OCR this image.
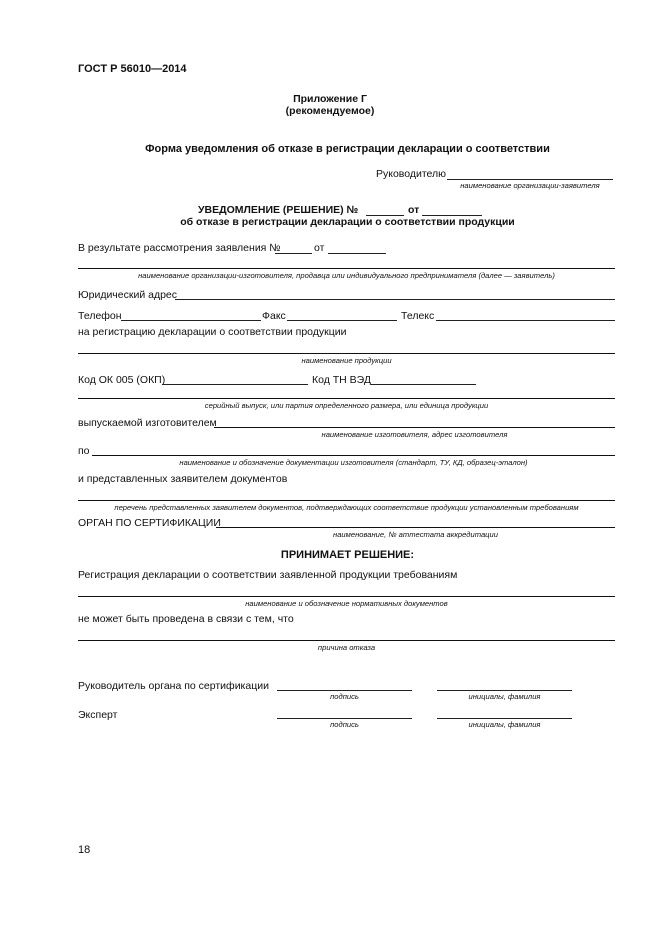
ГОСТ Р 56010—2014
Приложение Г
(рекомендуемое)
Форма уведомления об отказе в регистрации декларации о соответствии
Руководителю
наименование организации-заявителя
УВЕДОМЛЕНИЕ (РЕШЕНИЕ) №	от
об отказе в регистрации декларации о соответствии продукции
В результате рассмотрения заявления №	от
наименование организации-изготовителя, продавца или индивидуального предпринимателя (далее — заявитель)
Юридический адрес
Телефон	Факс	Телекс
на регистрацию декларации о соответствии продукции
наименование продукции
Код ОК 005 (ОКП)	Код ТН ВЭД
серийный выпуск, или партия определенного размера, или единица продукции
выпускаемой изготовителем
наименование изготовителя, адрес изготовителя
по
наименование и обозначение документации изготовителя (стандарт, ТУ, КД, образец-эталон)
и представленных заявителем документов
перечень представленных заявителем документов, подтверждающих соответствие продукции установленным требованиям
ОРГАН ПО СЕРТИФИКАЦИИ
наименование, № аттестата аккредитации
ПРИНИМАЕТ РЕШЕНИЕ:
Регистрация декларации о соответствии заявленной продукции требованиям
наименование и обозначение нормативных документов
не может быть проведена в связи с тем, что
причина отказа
Руководитель органа по сертификации
подпись	инициалы, фамилия
Эксперт
подпись	инициалы, фамилия
18
